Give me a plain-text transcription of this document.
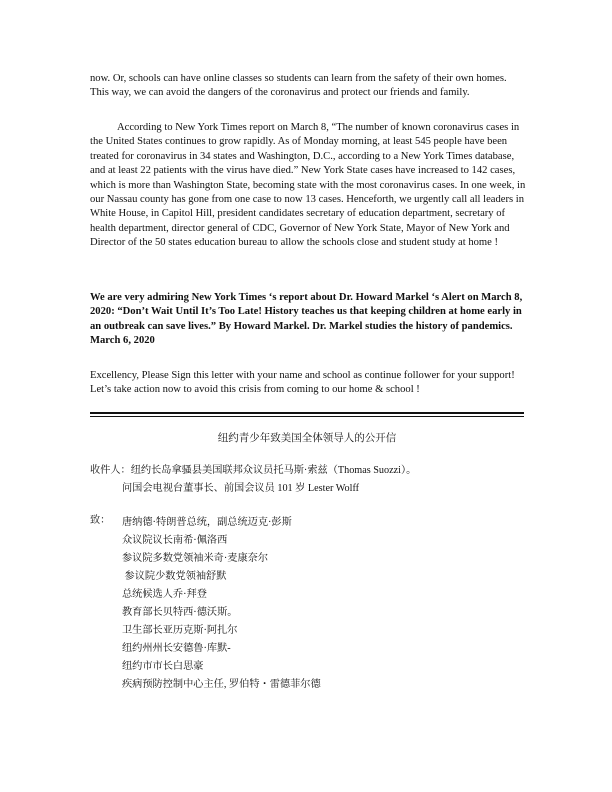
now. Or, schools can have online classes so students can learn from the safety of their own homes. This way, we can avoid the dangers of the coronavirus and protect our friends and family.

According to New York Times report on March 8, “The number of known coronavirus cases in the United States continues to grow rapidly. As of Monday morning, at least 545 people have been treated for coronavirus in 34 states and Washington, D.C., according to a New York Times database, and at least 22 patients with the virus have died.” New York State cases have increased to 142 cases, which is more than Washington State, becoming state with the most coronavirus cases. In one week, in our Nassau county has gone from one case to now 13 cases. Henceforth, we urgently call all leaders in White House, in Capitol Hill, president candidates secretary of education department, secretary of health department, director general of CDC, Governor of New York State, Mayor of New York and Director of the 50 states education bureau to allow the schools close and student study at home !

We are very admiring New York Times ‘s report about Dr. Howard Markel ‘s Alert on March 8, 2020: “Don’t Wait Until It’s Too Late! History teaches us that keeping children at home early in an outbreak can save lives.” By Howard Markel. Dr. Markel studies the history of pandemics. March 6, 2020

Excellency, Please Sign this letter with your name and school as continue follower for your support! Let’s take action now to avoid this crisis from coming to our home & school !

纽约青少年致美国全体领导人的公开信
收件人：纽约长岛拿骚县美国联邦众议员托马斯·索兹（Thomas Suozzi）。
问国会电视台董事长、前国会议员 101 岁 Lester Wolff
致： 唐纳德·特朗普总统，副总统迈克·彭斯
众议院议长南希·佩洛西
参议院多数党领袖米奇·麦康奈尔
参议院少数党领袖舒默
总统候选人乔·拜登
教育部长贝特西·德沃斯。
卫生部长亚历克斯·阿扎尔
纽约州州长安德鲁·库默-
纽约市市长白思豪
疾病预防控制中心主任, 罗伯特・雷德菲尔德
